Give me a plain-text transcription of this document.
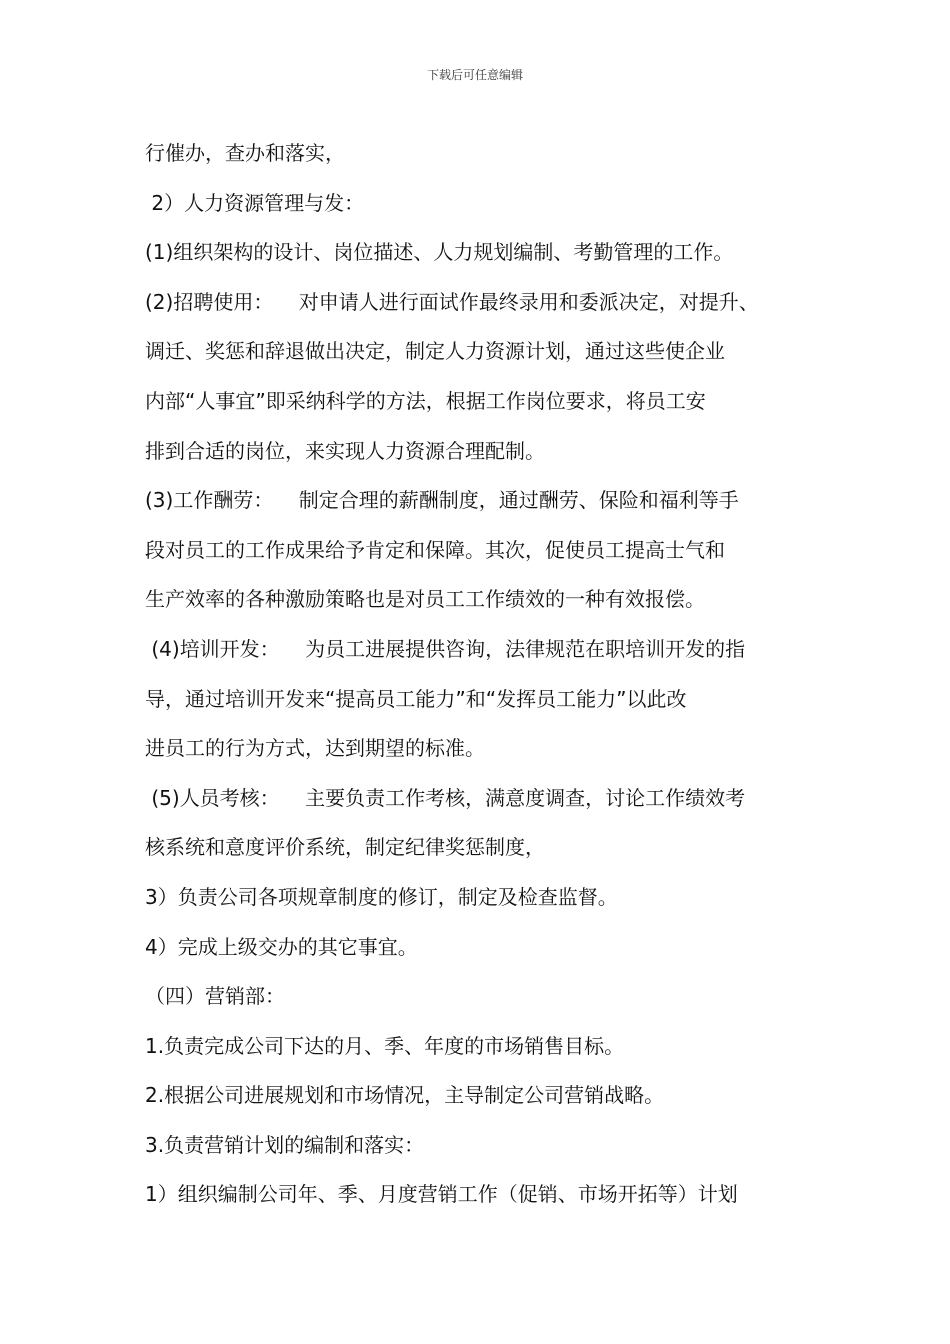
下载后可任意编辑
行催办，查办和落实，
2）人力资源管理与发：
(1)组织架构的设计、岗位描述、人力规划编制、考勤管理的工作。
(2)招聘使用：    对申请人进行面试作最终录用和委派决定，对提升、
调迁、奖惩和辞退做出决定，制定人力资源计划，通过这些使企业
内部“人事宜”即采纳科学的方法，根据工作岗位要求，将员工安
排到合适的岗位，来实现人力资源合理配制。
(3)工作酬劳：    制定合理的薪酬制度，通过酬劳、保险和福利等手
段对员工的工作成果给予肯定和保障。其次，促使员工提高士气和
生产效率的各种激励策略也是对员工工作绩效的一种有效报偿。
(4)培训开发：    为员工进展提供咨询，法律规范在职培训开发的指
导，通过培训开发来“提高员工能力”和“发挥员工能力”以此改
进员工的行为方式，达到期望的标准。
(5)人员考核：    主要负责工作考核，满意度调查，讨论工作绩效考
核系统和意度评价系统，制定纪律奖惩制度，
3）负责公司各项规章制度的修订，制定及检查监督。
4）完成上级交办的其它事宜。
（四）营销部：
1.负责完成公司下达的月、季、年度的市场销售目标。
2.根据公司进展规划和市场情况，主导制定公司营销战略。
3.负责营销计划的编制和落实：
1）组织编制公司年、季、月度营销工作（促销、市场开拓等）计划
